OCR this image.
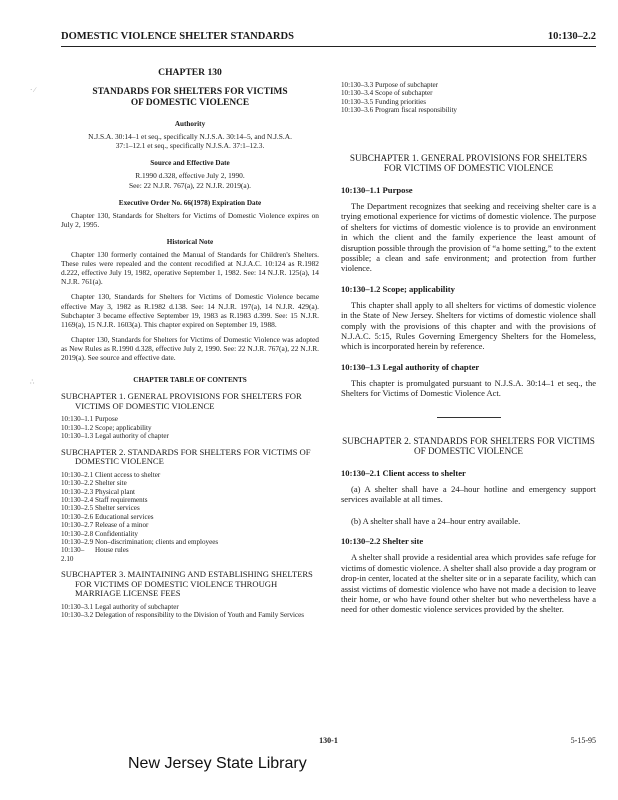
DOMESTIC VIOLENCE SHELTER STANDARDS	10:130–2.2
· ∕
∴
CHAPTER 130
STANDARDS FOR SHELTERS FOR VICTIMS
OF DOMESTIC VIOLENCE
Authority
N.J.S.A. 30:14–1 et seq., specifically N.J.S.A. 30:14–5, and N.J.S.A.
37:1–12.1 et seq., specifically N.J.S.A. 37:1–12.3.
Source and Effective Date
R.1990 d.328, effective July 2, 1990.
See: 22 N.J.R. 767(a), 22 N.J.R. 2019(a).
Executive Order No. 66(1978) Expiration Date

Chapter 130, Standards for Shelters for Victims of Domestic Violence expires on July 2, 1995.

Historical Note

Chapter 130 formerly contained the Manual of Standards for Children's Shelters. These rules were repealed and the content recodified at N.J.A.C. 10:124 as R.1982 d.222, effective July 19, 1982, operative September 1, 1982. See: 14 N.J.R. 125(a), 14 N.J.R. 761(a).

Chapter 130, Standards for Shelters for Victims of Domestic Violence became effective May 3, 1982 as R.1982 d.138. See: 14 N.J.R. 197(a), 14 N.J.R. 429(a). Subchapter 3 became effective September 19, 1983 as R.1983 d.399. See: 15 N.J.R. 1169(a), 15 N.J.R. 1603(a). This chapter expired on September 19, 1988.

Chapter 130, Standards for Shelters for Victims of Domestic Violence was adopted as New Rules as R.1990 d.328, effective July 2, 1990. See: 22 N.J.R. 767(a), 22 N.J.R. 2019(a). See source and effective date.

CHAPTER TABLE OF CONTENTS
SUBCHAPTER 1. GENERAL PROVISIONS FOR SHELTERS FOR VICTIMS OF DOMESTIC VIOLENCE
10:130–1.1 Purpose
10:130–1.2 Scope; applicability
10:130–1.3 Legal authority of chapter
SUBCHAPTER 2. STANDARDS FOR SHELTERS FOR VICTIMS OF DOMESTIC VIOLENCE
10:130–2.1 Client access to shelter
10:130–2.2 Shelter site
10:130–2.3 Physical plant
10:130–2.4 Staff requirements
10:130–2.5 Shelter services
10:130–2.6 Educational services
10:130–2.7 Release of a minor
10:130–2.8 Confidentiality
10:130–2.9 Non–discrimination; clients and employees
10:130–2.10
House rules
SUBCHAPTER 3. MAINTAINING AND ESTABLISHING SHELTERS FOR VICTIMS OF DOMESTIC VIOLENCE THROUGH MARRIAGE LICENSE FEES
10:130–3.1 Legal authority of subchapter
10:130–3.2 Delegation of responsibility to the Division of Youth and Family Services
10:130–3.3 Purpose of subchapter
10:130–3.4 Scope of subchapter
10:130–3.5 Funding priorities
10:130–3.6 Program fiscal responsibility
SUBCHAPTER 1. GENERAL PROVISIONS FOR SHELTERS FOR VICTIMS OF DOMESTIC VIOLENCE
10:130–1.1 Purpose

The Department recognizes that seeking and receiving shelter care is a trying emotional experience for victims of domestic violence. The purpose of shelters for victims of domestic violence is to provide an environment in which the client and the family experience the least amount of disruption possible through the provision of “a home setting,” to the extent possible; a clean and safe environment; and protection from further violence.

10:130–1.2 Scope; applicability

This chapter shall apply to all shelters for victims of domestic violence in the State of New Jersey. Shelters for victims of domestic violence shall comply with the provisions of this chapter and with the provisions of N.J.A.C. 5:15, Rules Governing Emergency Shelters for the Homeless, which is incorporated herein by reference.

10:130–1.3 Legal authority of chapter

This chapter is promulgated pursuant to N.J.S.A. 30:14–1 et seq., the Shelters for Victims of Domestic Violence Act.

SUBCHAPTER 2. STANDARDS FOR SHELTERS FOR VICTIMS OF DOMESTIC VIOLENCE
10:130–2.1 Client access to shelter

(a) A shelter shall have a 24–hour hotline and emergency support services available at all times.

(b) A shelter shall have a 24–hour entry available.

10:130–2.2 Shelter site

A shelter shall provide a residential area which provides safe refuge for victims of domestic violence. A shelter shall also provide a day program or drop-in center, located at the shelter site or in a separate facility, which can assist victims of domestic violence who have not made a decision to leave their home, or who have found other shelter but who nevertheless have a need for other domestic violence services provided by the shelter.

130-1	5-15-95
New Jersey State Library
